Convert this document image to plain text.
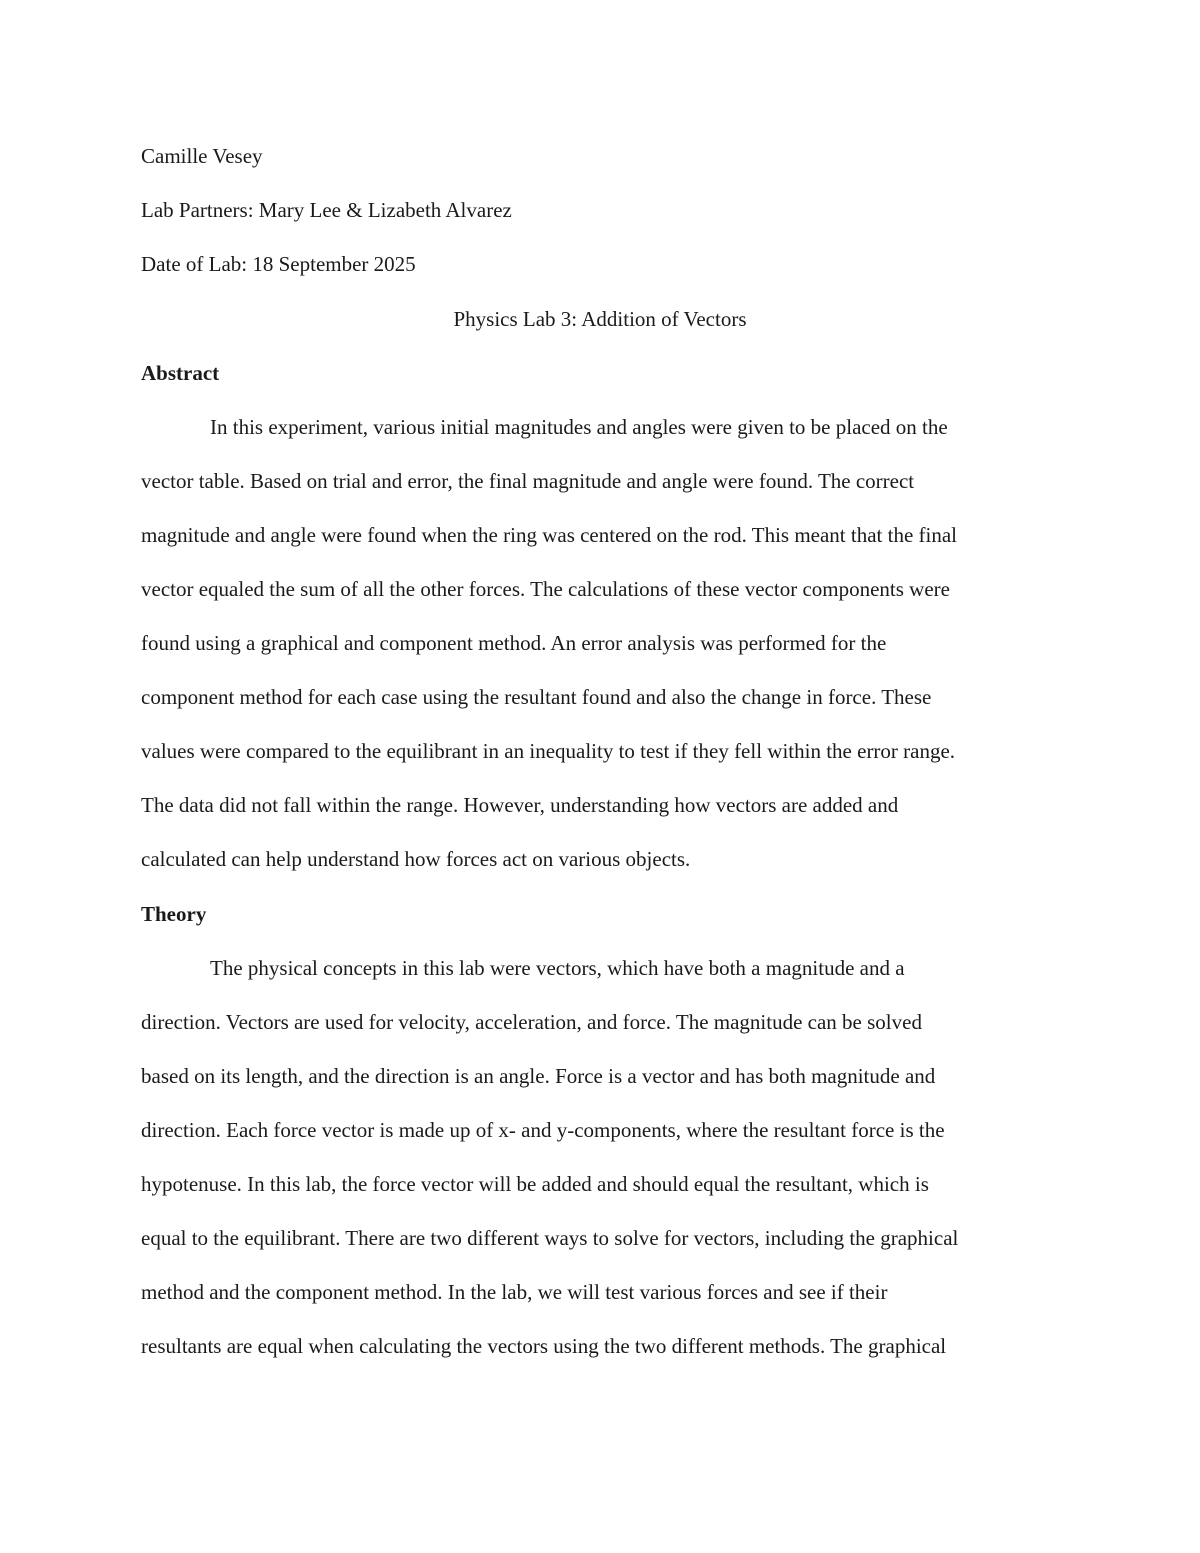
Camille Vesey
Lab Partners: Mary Lee & Lizabeth Alvarez
Date of Lab: 18 September 2025
Physics Lab 3: Addition of Vectors
Abstract
In this experiment, various initial magnitudes and angles were given to be placed on the
vector table. Based on trial and error, the final magnitude and angle were found. The correct
magnitude and angle were found when the ring was centered on the rod. This meant that the final
vector equaled the sum of all the other forces. The calculations of these vector components were
found using a graphical and component method. An error analysis was performed for the
component method for each case using the resultant found and also the change in force. These
values were compared to the equilibrant in an inequality to test if they fell within the error range.
The data did not fall within the range. However, understanding how vectors are added and
calculated can help understand how forces act on various objects.
Theory
The physical concepts in this lab were vectors, which have both a magnitude and a
direction. Vectors are used for velocity, acceleration, and force. The magnitude can be solved
based on its length, and the direction is an angle. Force is a vector and has both magnitude and
direction. Each force vector is made up of x- and y-components, where the resultant force is the
hypotenuse. In this lab, the force vector will be added and should equal the resultant, which is
equal to the equilibrant. There are two different ways to solve for vectors, including the graphical
method and the component method. In the lab, we will test various forces and see if their
resultants are equal when calculating the vectors using the two different methods. The graphical
